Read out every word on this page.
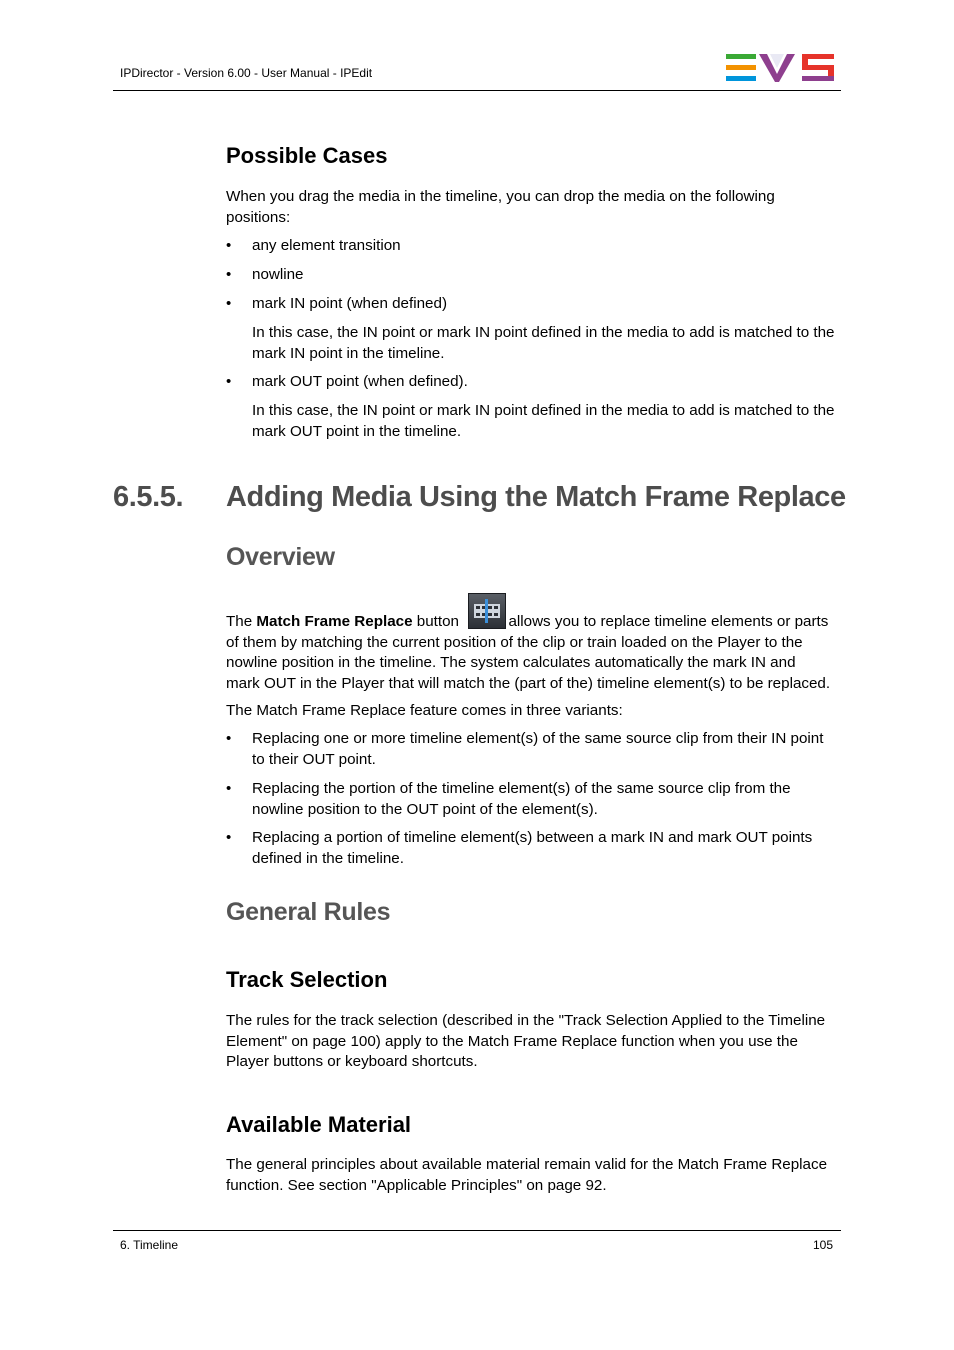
IPDirector - Version 6.00 - User Manual - IPEdit
Possible Cases

When you drag the media in the timeline, you can drop the media on the following
positions:

• any element transition

• nowline

• mark IN point (when defined)

In this case, the IN point or mark IN point defined in the media to add is matched to the
mark IN point in the timeline.

• mark OUT point (when defined).

In this case, the IN point or mark IN point defined in the media to add is matched to the
mark OUT point in the timeline.

6.5.5. Adding Media Using the Match Frame Replace
Overview

The Match Frame Replace button	allows you to replace timeline elements or parts
of them by matching the current position of the clip or train loaded on the Player to the
nowline position in the timeline. The system calculates automatically the mark IN and
mark OUT in the Player that will match the (part of the) timeline element(s) to be replaced.

The Match Frame Replace feature comes in three variants:

• Replacing one or more timeline element(s) of the same source clip from their IN point
to their OUT point.

• Replacing the portion of the timeline element(s) of the same source clip from the
nowline position to the OUT point of the element(s).

• Replacing a portion of timeline element(s) between a mark IN and mark OUT points
defined in the timeline.

General Rules
Track Selection

The rules for the track selection (described in the "Track Selection Applied to the Timeline
Element" on page 100) apply to the Match Frame Replace function when you use the
Player buttons or keyboard shortcuts.

Available Material

The general principles about available material remain valid for the Match Frame Replace
function. See section "Applicable Principles" on page 92.

6. Timeline	105
